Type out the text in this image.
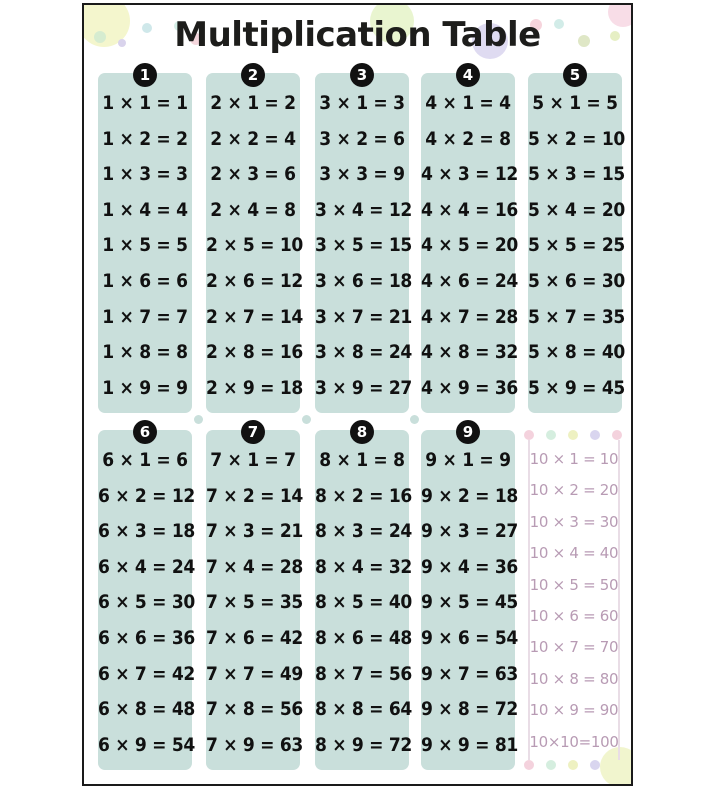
Multiplication Table
1
1 × 1 = 1
1 × 2 = 2
1 × 3 = 3
1 × 4 = 4
1 × 5 = 5
1 × 6 = 6
1 × 7 = 7
1 × 8 = 8
1 × 9 = 9
2
2 × 1 = 2
2 × 2 = 4
2 × 3 = 6
2 × 4 = 8
2 × 5 = 10
2 × 6 = 12
2 × 7 = 14
2 × 8 = 16
2 × 9 = 18
3
3 × 1 = 3
3 × 2 = 6
3 × 3 = 9
3 × 4 = 12
3 × 5 = 15
3 × 6 = 18
3 × 7 = 21
3 × 8 = 24
3 × 9 = 27
4
4 × 1 = 4
4 × 2 = 8
4 × 3 = 12
4 × 4 = 16
4 × 5 = 20
4 × 6 = 24
4 × 7 = 28
4 × 8 = 32
4 × 9 = 36
5
5 × 1 = 5
5 × 2 = 10
5 × 3 = 15
5 × 4 = 20
5 × 5 = 25
5 × 6 = 30
5 × 7 = 35
5 × 8 = 40
5 × 9 = 45
6
6 × 1 = 6
6 × 2 = 12
6 × 3 = 18
6 × 4 = 24
6 × 5 = 30
6 × 6 = 36
6 × 7 = 42
6 × 8 = 48
6 × 9 = 54
7
7 × 1 = 7
7 × 2 = 14
7 × 3 = 21
7 × 4 = 28
7 × 5 = 35
7 × 6 = 42
7 × 7 = 49
7 × 8 = 56
7 × 9 = 63
8
8 × 1 = 8
8 × 2 = 16
8 × 3 = 24
8 × 4 = 32
8 × 5 = 40
8 × 6 = 48
8 × 7 = 56
8 × 8 = 64
8 × 9 = 72
9
9 × 1 = 9
9 × 2 = 18
9 × 3 = 27
9 × 4 = 36
9 × 5 = 45
9 × 6 = 54
9 × 7 = 63
9 × 8 = 72
9 × 9 = 81
10 × 1 = 10
10 × 2 = 20
10 × 3 = 30
10 × 4 = 40
10 × 5 = 50
10 × 6 = 60
10 × 7 = 70
10 × 8 = 80
10 × 9 = 90
10×10=100
